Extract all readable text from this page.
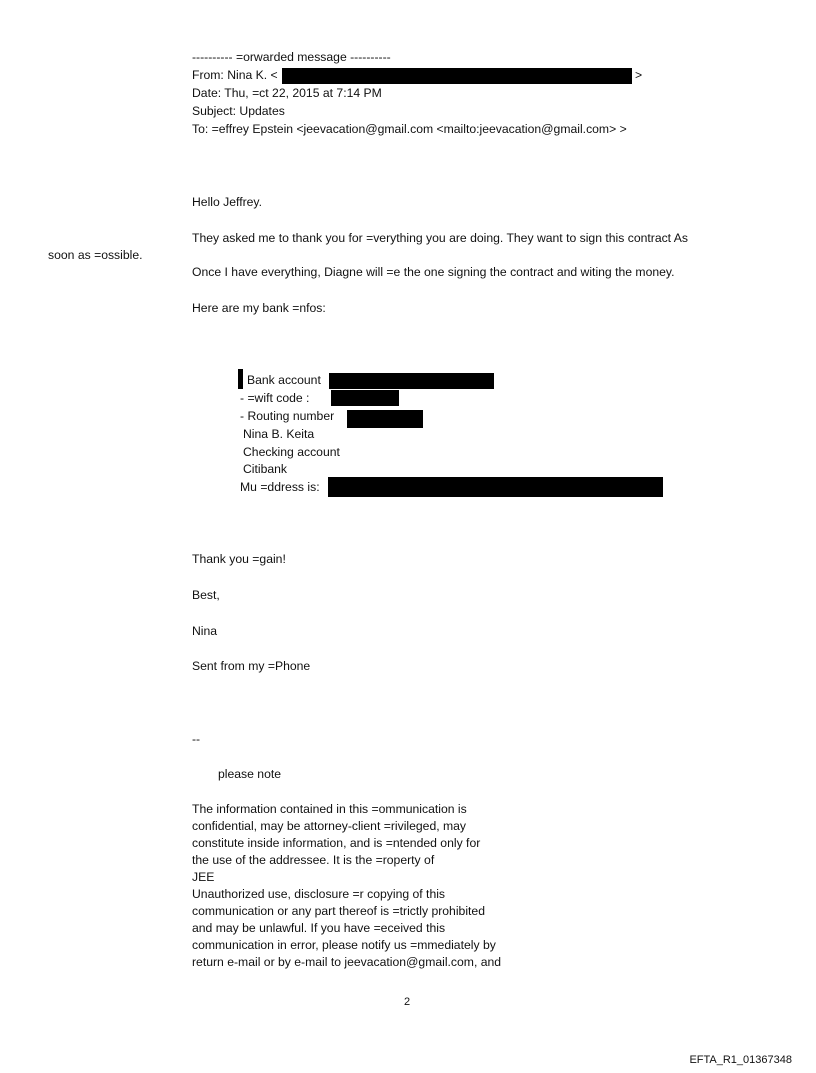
---------- =orwarded message ----------
From: Nina K. <	>
Date: Thu, =ct 22, 2015 at 7:14 PM
Subject: Updates
To: =effrey Epstein <jeevacation@gmail.com <mailto:jeevacation@gmail.com> >
Hello Jeffrey.
They asked me to thank you for =verything you are doing. They want to sign this contract As
soon as =ossible.
Once I have everything, Diagne will =e the one signing the contract and witing the money.
Here are my bank =nfos:
Bank account
- =wift code :
- Routing number
Nina B. Keita
Checking account
Citibank
Mu =ddress is:
Thank you =gain!
Best,
Nina
Sent from my =Phone
--
please note
The information contained in this =ommunication is
confidential, may be attorney-client =rivileged, may
constitute inside information, and is =ntended only for
the use of the addressee. It is the =roperty of
JEE
Unauthorized use, disclosure =r copying of this
communication or any part thereof is =trictly prohibited
and may be unlawful. If you have =eceived this
communication in error, please notify us =mmediately by
return e-mail or by e-mail to jeevacation@gmail.com, and
2
EFTA_R1_01367348
